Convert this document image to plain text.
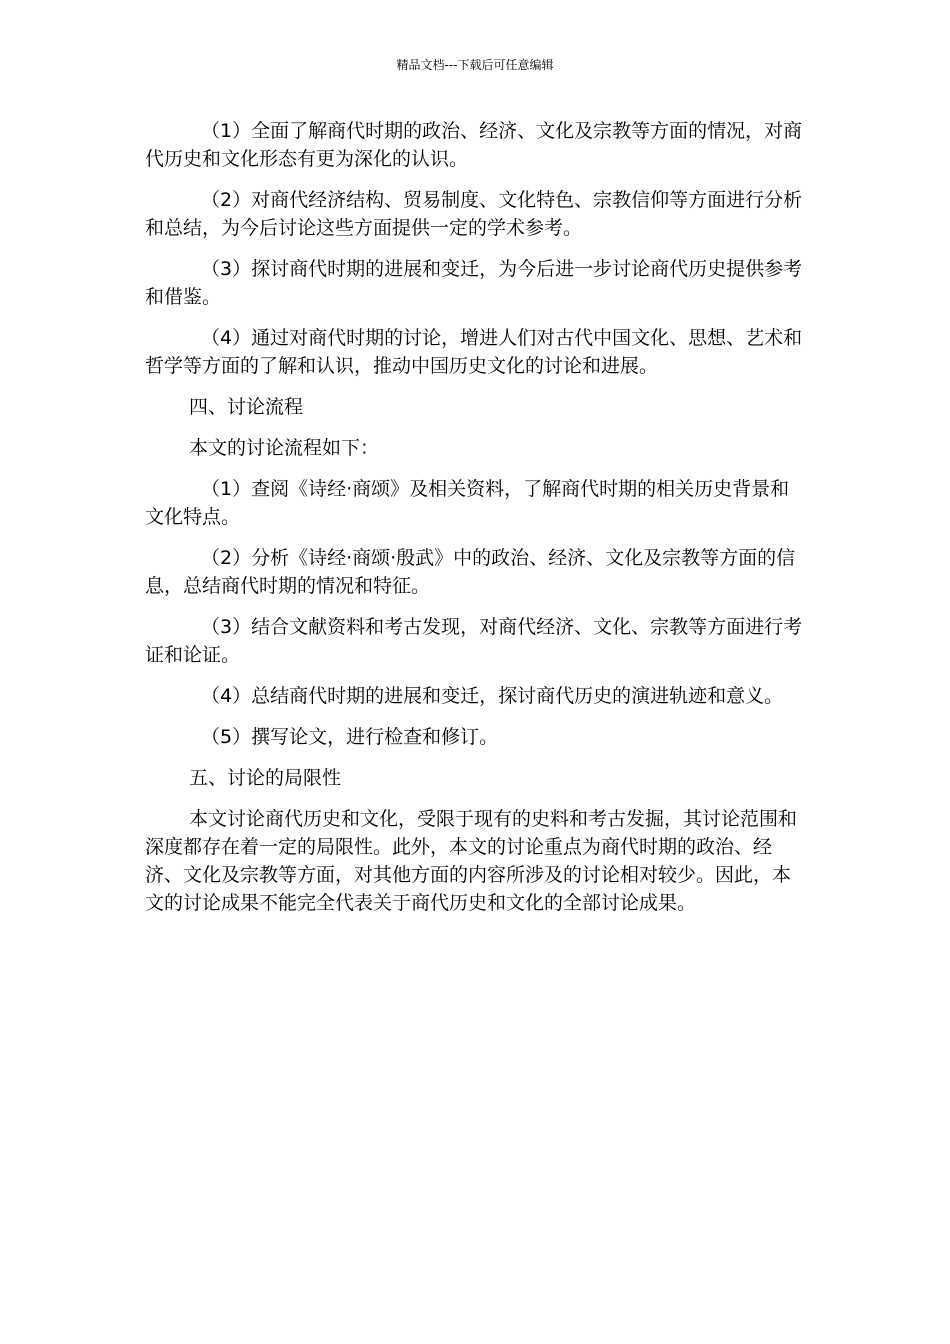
精品文档---下载后可任意编辑

（1）全面了解商代时期的政治、经济、文化及宗教等方面的情况，对商代历史和文化形态有更为深化的认识。

（2）对商代经济结构、贸易制度、文化特色、宗教信仰等方面进行分析和总结，为今后讨论这些方面提供一定的学术参考。

（3）探讨商代时期的进展和变迁，为今后进一步讨论商代历史提供参考和借鉴。

（4）通过对商代时期的讨论，增进人们对古代中国文化、思想、艺术和哲学等方面的了解和认识，推动中国历史文化的讨论和进展。

四、讨论流程

本文的讨论流程如下：

（1）查阅《诗经·商颂》及相关资料，了解商代时期的相关历史背景和文化特点。

（2）分析《诗经·商颂·殷武》中的政治、经济、文化及宗教等方面的信息，总结商代时期的情况和特征。

（3）结合文献资料和考古发现，对商代经济、文化、宗教等方面进行考证和论证。

（4）总结商代时期的进展和变迁，探讨商代历史的演进轨迹和意义。

（5）撰写论文，进行检查和修订。

五、讨论的局限性

本文讨论商代历史和文化，受限于现有的史料和考古发掘，其讨论范围和深度都存在着一定的局限性。此外，本文的讨论重点为商代时期的政治、经济、文化及宗教等方面，对其他方面的内容所涉及的讨论相对较少。因此，本文的讨论成果不能完全代表关于商代历史和文化的全部讨论成果。
